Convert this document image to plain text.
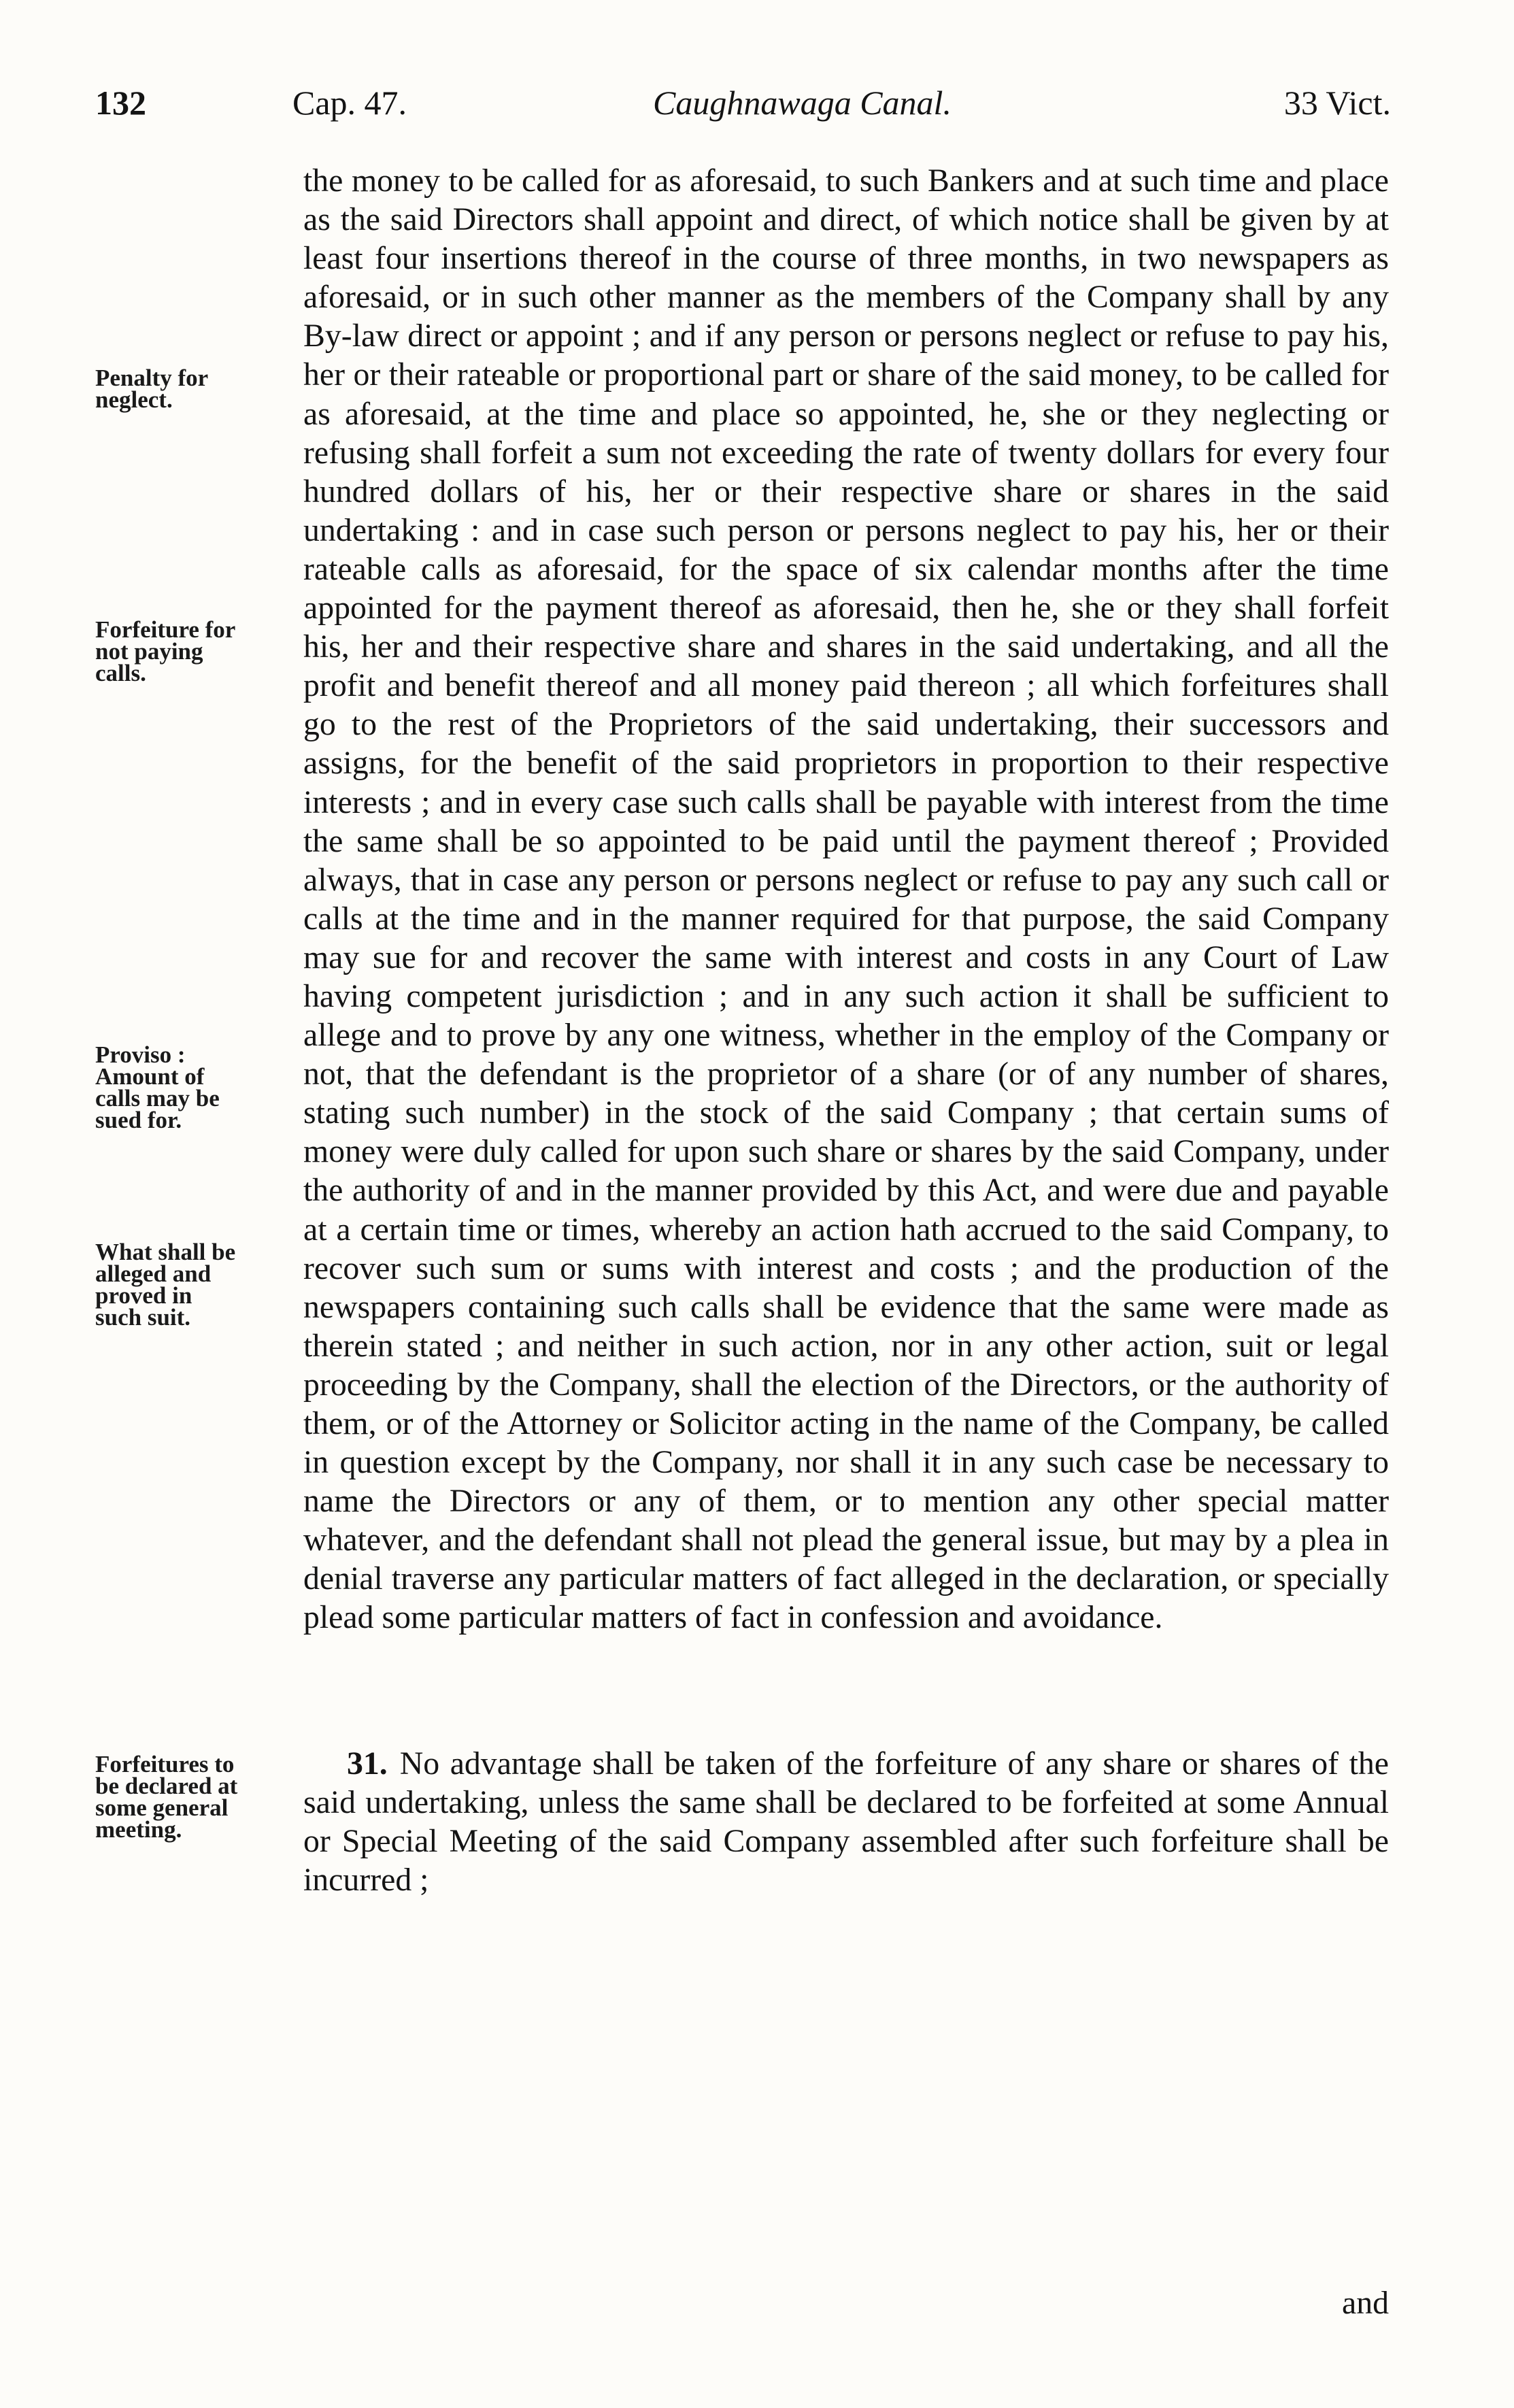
132	Cap. 47.	Caughnawaga Canal.	33 Vict.
Penalty for
neglect.
Forfeiture for
not paying
calls.
Proviso :
Amount of
calls may be
sued for.
What shall be
alleged and
proved in
such suit.
Forfeitures to
be declared at
some general
meeting.

the money to be called for as aforesaid, to such Bankers and at such time and place as the said Directors shall appoint and direct, of which notice shall be given by at least four insertions thereof in the course of three months, in two newspapers as aforesaid, or in such other manner as the members of the Company shall by any By-law direct or appoint ; and if any person or persons neglect or refuse to pay his, her or their rateable or proportional part or share of the said money, to be called for as aforesaid, at the time and place so appointed, he, she or they neglecting or refusing shall forfeit a sum not exceeding the rate of twenty dollars for every four hundred dollars of his, her or their respective share or shares in the said undertaking : and in case such person or persons neglect to pay his, her or their rateable calls as aforesaid, for the space of six calendar months after the time appointed for the payment thereof as aforesaid, then he, she or they shall forfeit his, her and their respective share and shares in the said undertaking, and all the profit and benefit thereof and all money paid thereon ; all which forfeitures shall go to the rest of the Proprietors of the said undertaking, their successors and assigns, for the benefit of the said proprietors in proportion to their respective interests ; and in every case such calls shall be payable with interest from the time the same shall be so appointed to be paid until the payment thereof ; Provided always, that in case any person or persons neglect or refuse to pay any such call or calls at the time and in the manner required for that purpose, the said Company may sue for and recover the same with interest and costs in any Court of Law having competent jurisdiction ; and in any such action it shall be sufficient to allege and to prove by any one witness, whether in the employ of the Company or not, that the defendant is the proprietor of a share (or of any number of shares, stating such number) in the stock of the said Company ; that certain sums of money were duly called for upon such share or shares by the said Company, under the authority of and in the manner provided by this Act, and were due and payable at a certain time or times, whereby an action hath accrued to the said Company, to recover such sum or sums with interest and costs ; and the production of the newspapers containing such calls shall be evidence that the same were made as therein stated ; and neither in such action, nor in any other action, suit or legal proceeding by the Company, shall the election of the Directors, or the authority of them, or of the Attorney or Solicitor acting in the name of the Company, be called in question except by the Company, nor shall it in any such case be necessary to name the Directors or any of them, or to mention any other special matter whatever, and the defendant shall not plead the general issue, but may by a plea in denial traverse any particular matters of fact alleged in the declaration, or specially plead some particular matters of fact in confession and avoidance.

31. No advantage shall be taken of the forfeiture of any share or shares of the said undertaking, unless the same shall be declared to be forfeited at some Annual or Special Meeting of the said Company assembled after such forfeiture shall be incurred ;

and
